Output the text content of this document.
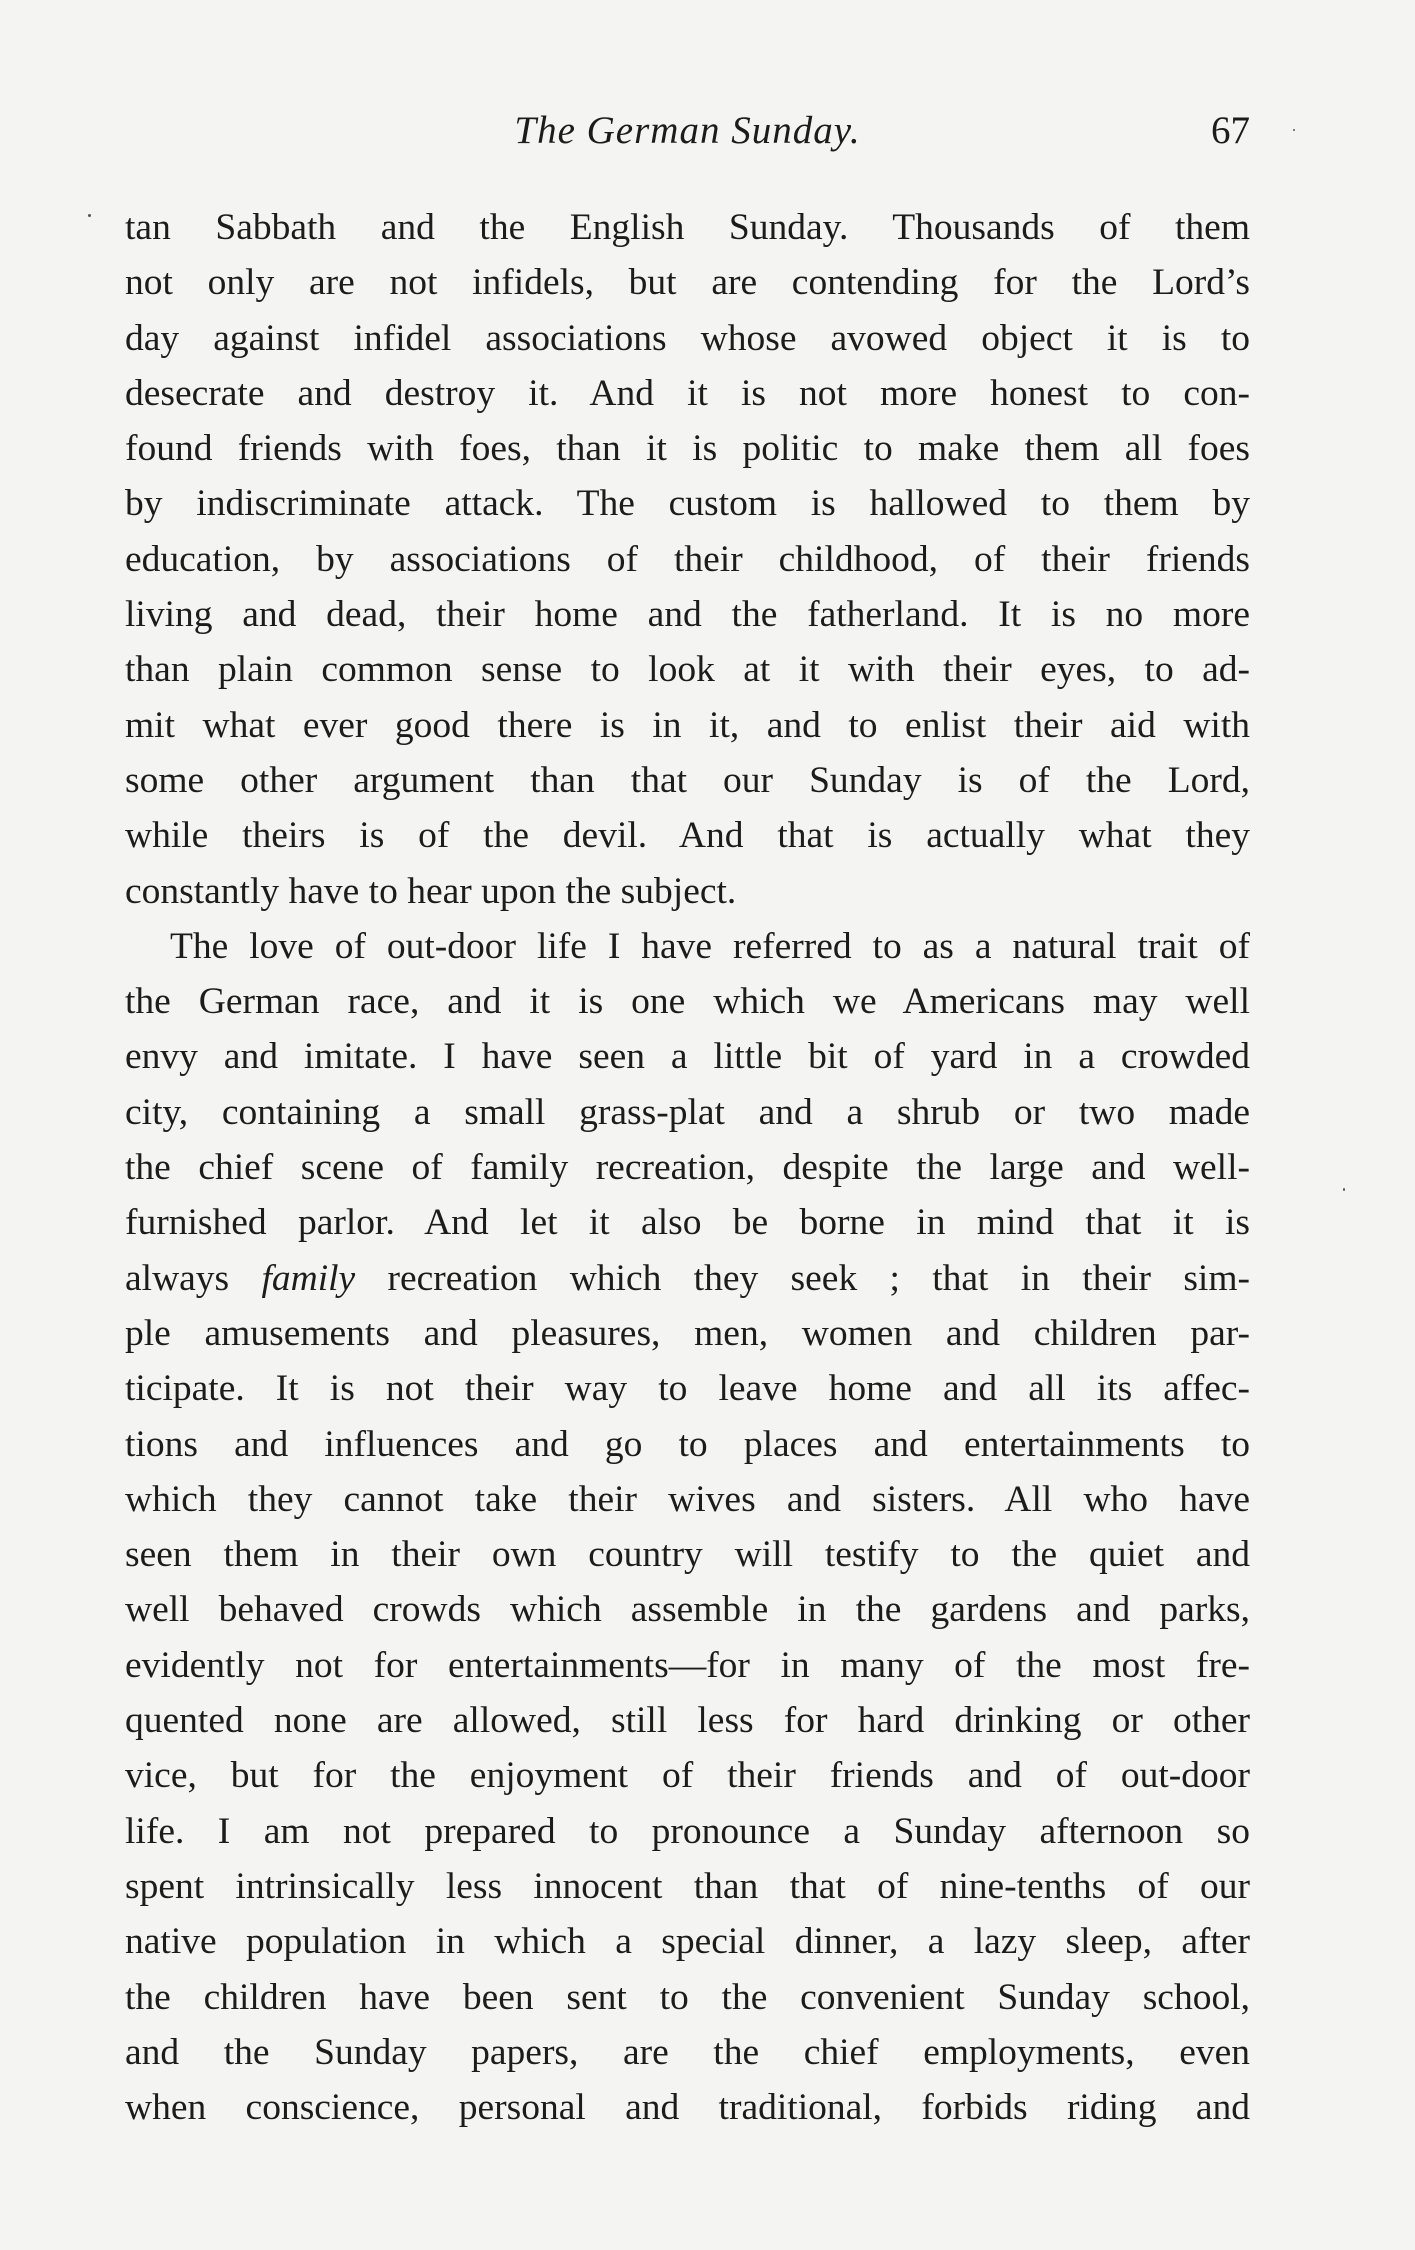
The German Sunday.	67
tan Sabbath and the English Sunday. Thousands of them
not only are not infidels, but are contending for the Lord’s
day against infidel associations whose avowed object it is to
desecrate and destroy it. And it is not more honest to con-
found friends with foes, than it is politic to make them all foes
by indiscriminate attack. The custom is hallowed to them by
education, by associations of their childhood, of their friends
living and dead, their home and the fatherland. It is no more
than plain common sense to look at it with their eyes, to ad-
mit what ever good there is in it, and to enlist their aid with
some other argument than that our Sunday is of the Lord,
while theirs is of the devil. And that is actually what they
constantly have to hear upon the subject.
The love of out-door life I have referred to as a natural trait of
the German race, and it is one which we Americans may well
envy and imitate. I have seen a little bit of yard in a crowded
city, containing a small grass-plat and a shrub or two made
the chief scene of family recreation, despite the large and well-
furnished parlor. And let it also be borne in mind that it is
always family recreation which they seek ; that in their sim-
ple amusements and pleasures, men, women and children par-
ticipate. It is not their way to leave home and all its affec-
tions and influences and go to places and entertainments to
which they cannot take their wives and sisters. All who have
seen them in their own country will testify to the quiet and
well behaved crowds which assemble in the gardens and parks,
evidently not for entertainments—for in many of the most fre-
quented none are allowed, still less for hard drinking or other
vice, but for the enjoyment of their friends and of out-door
life. I am not prepared to pronounce a Sunday afternoon so
spent intrinsically less innocent than that of nine-tenths of our
native population in which a special dinner, a lazy sleep, after
the children have been sent to the convenient Sunday school,
and the Sunday papers, are the chief employments, even
when conscience, personal and traditional, forbids riding and
